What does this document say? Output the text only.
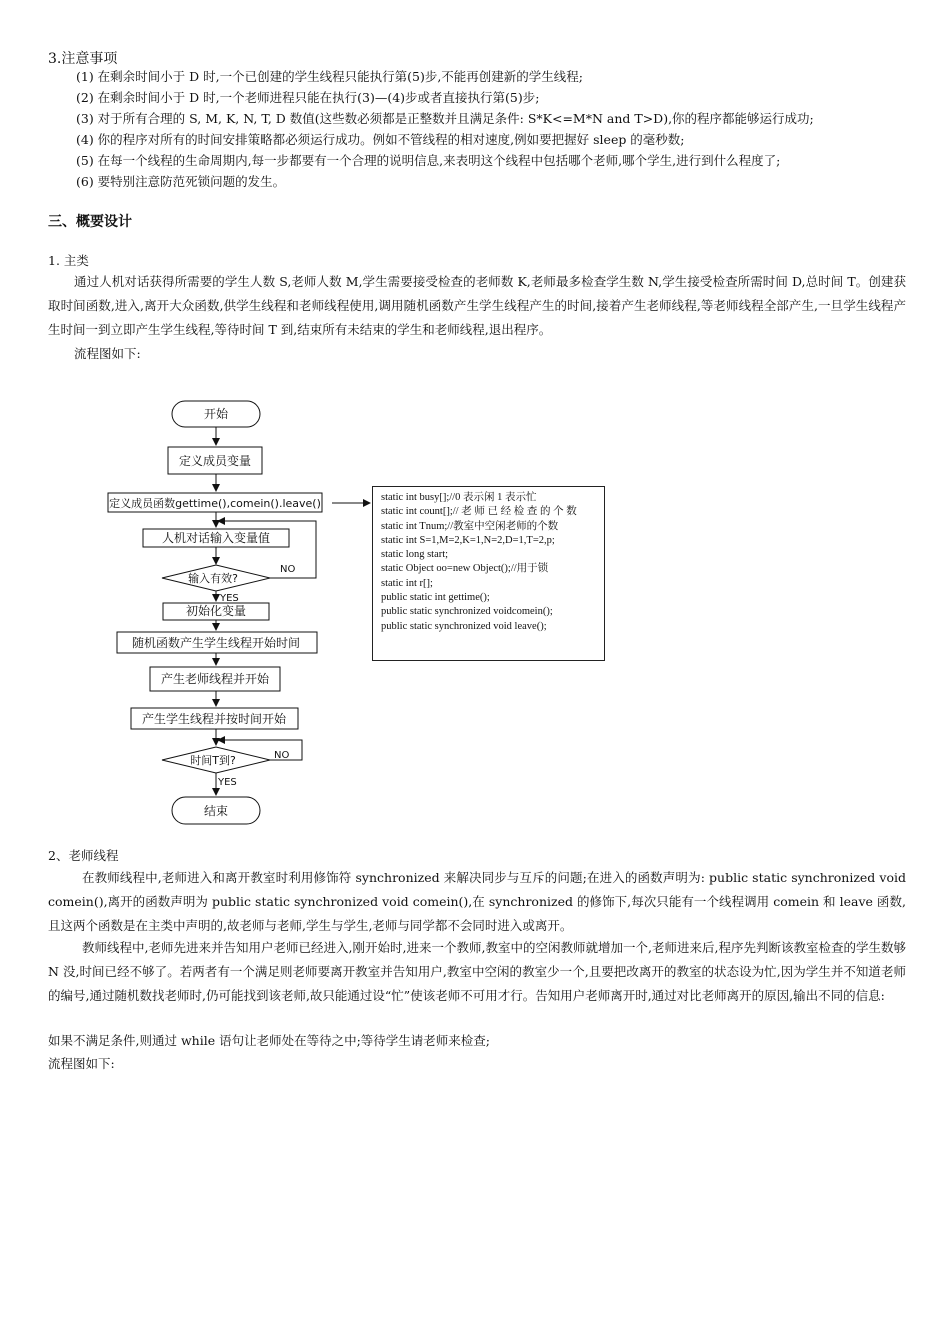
3.注意事项
(1) 在剩余时间小于 D 时,一个已创建的学生线程只能执行第(5)步,不能再创建新的学生线程;
(2) 在剩余时间小于 D 时,一个老师进程只能在执行(3)—(4)步或者直接执行第(5)步;
(3) 对于所有合理的 S, M, K, N, T, D 数值(这些数必须都是正整数并且满足条件: S*K<=M*N and T>D),你的程序都能够运行成功;
(4) 你的程序对所有的时间安排策略都必须运行成功。例如不管线程的相对速度,例如要把握好 sleep 的毫秒数;
(5) 在每一个线程的生命周期内,每一步都要有一个合理的说明信息,来表明这个线程中包括哪个老师,哪个学生,进行到什么程度了;
(6) 要特别注意防范死锁问题的发生。
三、概要设计
1. 主类
通过人机对话获得所需要的学生人数 S,老师人数 M,学生需要接受检查的老师数 K,老师最多检查学生数 N,学生接受检查所需时间 D,总时间 T。创建获取时间函数,进入,离开大众函数,供学生线程和老师线程使用,调用随机函数产生学生线程产生的时间,接着产生老师线程,等老师线程全部产生,一旦学生线程产生时间一到立即产生学生线程,等待时间 T 到,结束所有未结束的学生和老师线程,退出程序。
流程图如下:
开始
定义成员变量
定义成员函数gettime(),comein().leave()
人机对话输入变量值
输入有效?
初始化变量
随机函数产生学生线程开始时间
产生老师线程并开始
产生学生线程并按时间开始
时间T到?
结束
NO
YES
NO
YES
static int busy[];//0 表示闲 1 表示忙
static int count[];// 老 师 已 经 检 查 的 个 数
static int Tnum;//教室中空闲老师的个数
static int S=1,M=2,K=1,N=2,D=1,T=2,p;
static long start;
static Object oo=new Object();//用于锁
static int r[];
public static int gettime();
public static synchronized voidcomein();
public static synchronized void leave();
2、老师线程
在教师线程中,老师进入和离开教室时利用修饰符 synchronized 来解决同步与互斥的问题;在进入的函数声明为: public static synchronized void comein(),离开的函数声明为 public static synchronized void comein(),在 synchronized 的修饰下,每次只能有一个线程调用 comein 和 leave 函数,且这两个函数是在主类中声明的,故老师与老师,学生与学生,老师与同学都不会同时进入或离开。
教师线程中,老师先进来并告知用户老师已经进入,刚开始时,进来一个教师,教室中的空闲教师就增加一个,老师进来后,程序先判断该教室检查的学生数够 N 没,时间已经不够了。若两者有一个满足则老师要离开教室并告知用户,教室中空闲的教室少一个,且要把改离开的教室的状态设为忙,因为学生并不知道老师的编号,通过随机数找老师时,仍可能找到该老师,故只能通过设“忙”使该老师不可用才行。告知用户老师离开时,通过对比老师离开的原因,输出不同的信息:
如果不满足条件,则通过 while 语句让老师处在等待之中;等待学生请老师来检查;
流程图如下:
